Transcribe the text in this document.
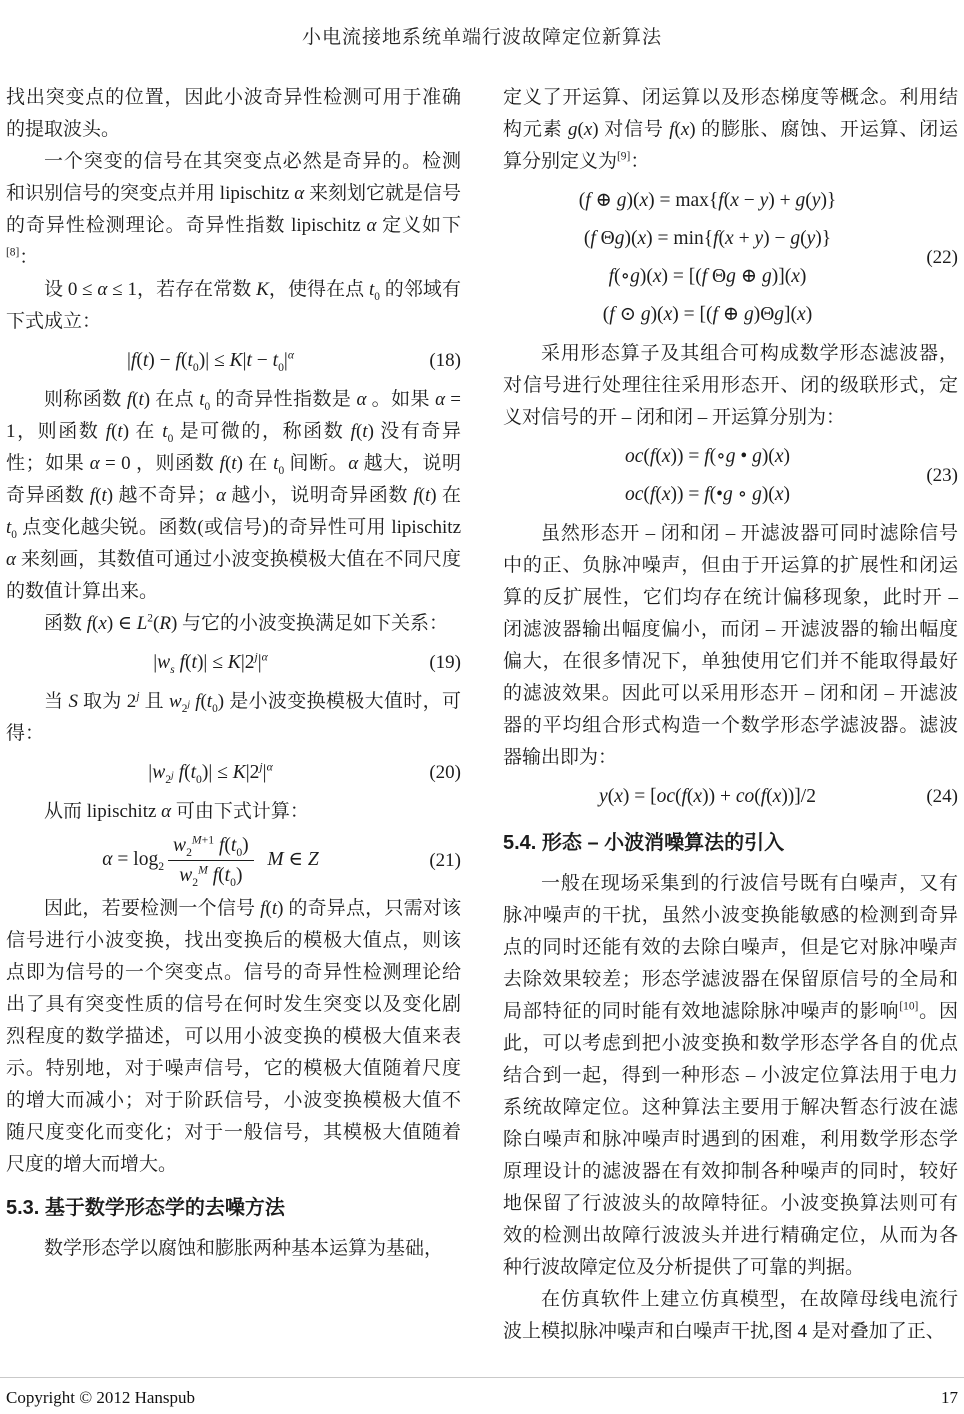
小电流接地系统单端行波故障定位新算法

找出突变点的位置，因此小波奇异性检测可用于准确的提取波头。

一个突变的信号在其突变点必然是奇异的。检测和识别信号的突变点并用 lipischitz α 来刻划它就是信号的奇异性检测理论。奇异性指数 lipischitz α 定义如下[8]：

设 0 ≤ α ≤ 1，若存在常数 K，使得在点 $t_0$ 的邻域有下式成立：

$|f(t) - f(t_0)| \le K|t - t_0|^\alpha$	(18)

则称函数 f(t) 在点 $t_0$ 的奇异性指数是 α 。如果 α = 1，则函数 f(t) 在 $t_0$ 是可微的，称函数 f(t) 没有奇异性；如果 α = 0 ，则函数 f(t) 在 $t_0$ 间断。α 越大，说明奇异函数 f(t) 越不奇异；α 越小，说明奇异函数 f(t) 在 $t_0$ 点变化越尖锐。函数(或信号)的奇异性可用 lipischitz α 来刻画，其数值可通过小波变换模极大值在不同尺度的数值计算出来。

函数 f(x) ∈ $L^2(R)$ 与它的小波变换满足如下关系：

$|w_s$ $f(t)| \le K|2^j|^\alpha$	(19)

当 S 取为 2$^j$ 且 $w_{2^j}$ $f(t_0)$ 是小波变换模极大值时，可得：

$|w_{2^j}$ $f(t_0)| \le K|2^j|^\alpha$	(20)

从而 lipischitz α 可由下式计算：

$\alpha = \log_2 \frac{w_2^{M+1} f(t_0)}{w_2^M f(t_0)}$ M ∈ Z	(21)

因此，若要检测一个信号 f(t) 的奇异点，只需对该信号进行小波变换，找出变换后的模极大值点，则该点即为信号的一个突变点。信号的奇异性检测理论给出了具有突变性质的信号在何时发生突变以及变化剧烈程度的数学描述，可以用小波变换的模极大值来表示。特别地，对于噪声信号，它的模极大值随着尺度的增大而减小；对于阶跃信号，小波变换模极大值不随尺度变化而变化；对于一般信号，其模极大值随着尺度的增大而增大。

5.3. 基于数学形态学的去噪方法

数学形态学以腐蚀和膨胀两种基本运算为基础，

定义了开运算、闭运算以及形态梯度等概念。利用结构元素 g(x) 对信号 f(x) 的膨胀、腐蚀、开运算、闭运算分别定义为[9]：

(f ⊕ g)(x) = max{f(x − y) + g(y)}
(f Θg)(x) = min{f(x + y) − g(y)}
f(∘g)(x) = [(f Θg ⊕ g)](x)
(f ⊙ g)(x) = [(f ⊕ g)Θg](x)
(22)

采用形态算子及其组合可构成数学形态滤波器，对信号进行处理往往采用形态开、闭的级联形式，定义对信号的开 – 闭和闭 – 开运算分别为：

oc(f(x)) = f(∘g • g)(x)
oc(f(x)) = f(•g ∘ g)(x)
(23)

虽然形态开 – 闭和闭 – 开滤波器可同时滤除信号中的正、负脉冲噪声，但由于开运算的扩展性和闭运算的反扩展性，它们均存在统计偏移现象，此时开 – 闭滤波器输出幅度偏小，而闭 – 开滤波器的输出幅度偏大，在很多情况下，单独使用它们并不能取得最好的滤波效果。因此可以采用形态开 – 闭和闭 – 开滤波器的平均组合形式构造一个数学形态学滤波器。滤波器输出即为：

y(x) = [oc(f(x)) + co(f(x))]/2	(24)
5.4. 形态 – 小波消噪算法的引入

一般在现场采集到的行波信号既有白噪声，又有脉冲噪声的干扰，虽然小波变换能敏感的检测到奇异点的同时还能有效的去除白噪声，但是它对脉冲噪声去除效果较差；形态学滤波器在保留原信号的全局和局部特征的同时能有效地滤除脉冲噪声的影响[10]。因此，可以考虑到把小波变换和数学形态学各自的优点结合到一起，得到一种形态 – 小波定位算法用于电力系统故障定位。这种算法主要用于解决暂态行波在滤除白噪声和脉冲噪声时遇到的困难，利用数学形态学原理设计的滤波器在有效抑制各种噪声的同时，较好地保留了行波波头的故障特征。小波变换算法则可有效的检测出故障行波波头并进行精确定位，从而为各种行波故障定位及分析提供了可靠的判据。

在仿真软件上建立仿真模型，在故障母线电流行波上模拟脉冲噪声和白噪声干扰,图 4 是对叠加了正、

Copyright © 2012 Hanspub	17
